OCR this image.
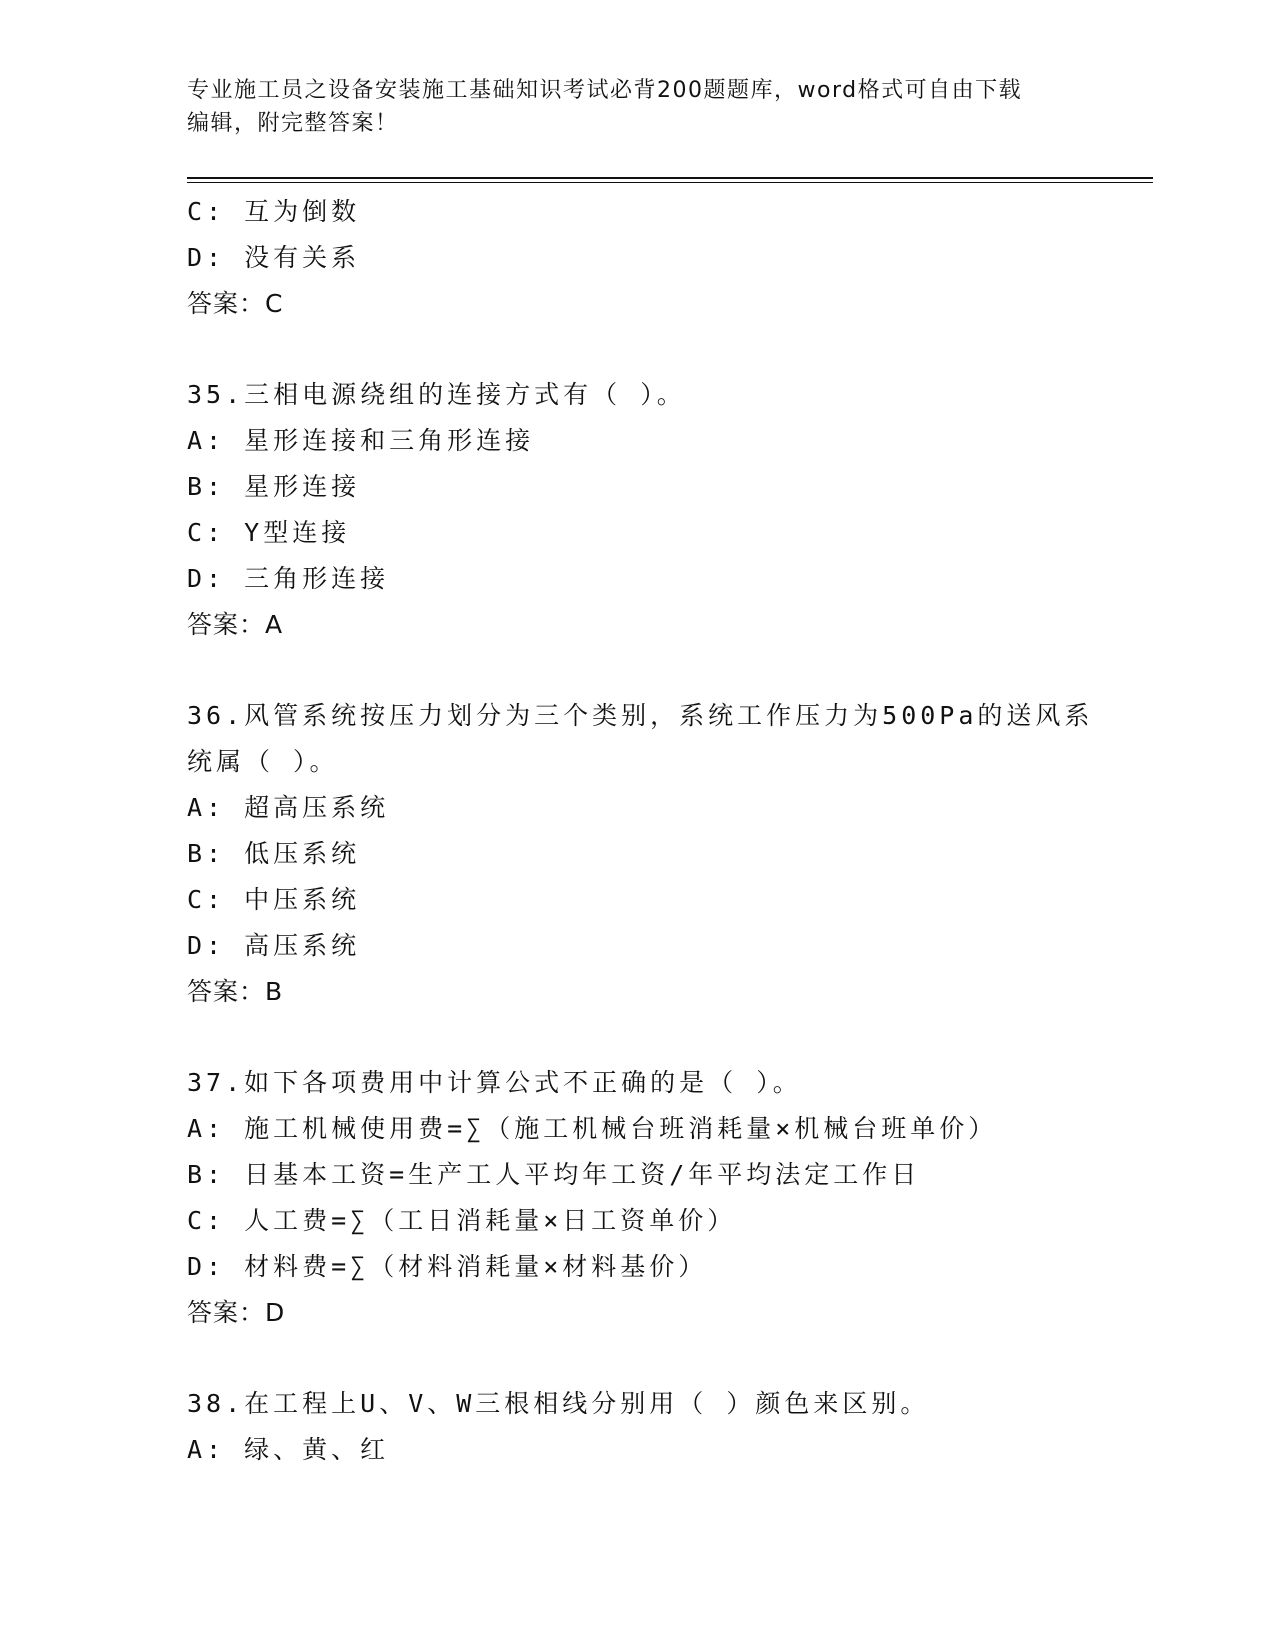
专业施工员之设备安装施工基础知识考试必背200题题库，word格式可自由下载
编辑，附完整答案！
C: 互为倒数
D: 没有关系
答案：C
35.三相电源绕组的连接方式有（ ）。
A: 星形连接和三角形连接
B: 星形连接
C: Y型连接
D: 三角形连接
答案：A
36.风管系统按压力划分为三个类别，系统工作压力为500Pa的送风系
统属（ ）。
A: 超高压系统
B: 低压系统
C: 中压系统
D: 高压系统
答案：B
37.如下各项费用中计算公式不正确的是（ ）。
A: 施工机械使用费=∑（施工机械台班消耗量×机械台班单价）
B: 日基本工资=生产工人平均年工资/年平均法定工作日
C: 人工费=∑（工日消耗量×日工资单价）
D: 材料费=∑（材料消耗量×材料基价）
答案：D
38.在工程上U、V、W三根相线分别用（ ）颜色来区别。
A: 绿、黄、红
